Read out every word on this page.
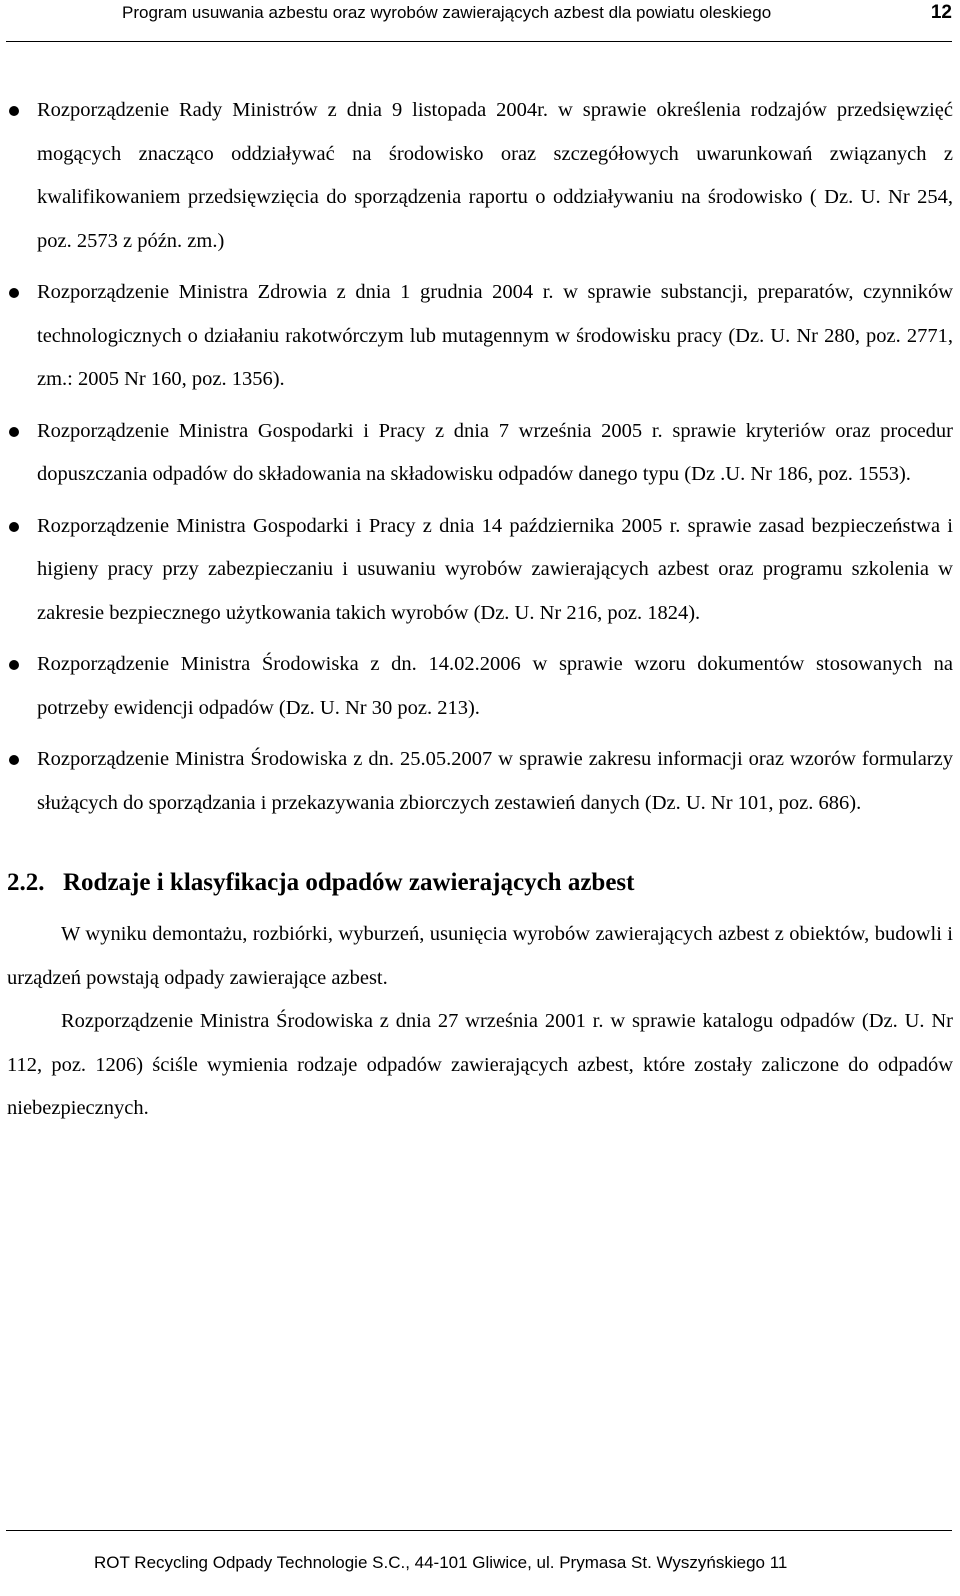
Program usuwania azbestu oraz wyrobów zawierających azbest dla powiatu oleskiego	12
Rozporządzenie Rady Ministrów z dnia 9 listopada 2004r. w sprawie określenia rodzajów przedsięwzięć mogących znacząco oddziaływać na środowisko oraz szczegółowych uwarunkowań związanych z kwalifikowaniem przedsięwzięcia do sporządzenia raportu o oddziaływaniu na środowisko ( Dz. U. Nr 254, poz. 2573 z późn. zm.)
Rozporządzenie Ministra Zdrowia z dnia 1 grudnia 2004 r. w sprawie substancji, preparatów, czynników technologicznych o działaniu rakotwórczym lub mutagennym w środowisku pracy (Dz. U. Nr 280, poz. 2771, zm.: 2005 Nr 160, poz. 1356).
Rozporządzenie Ministra Gospodarki i Pracy z dnia 7 września 2005 r. sprawie kryteriów oraz procedur dopuszczania odpadów do składowania na składowisku odpadów danego typu (Dz .U. Nr 186, poz. 1553).
Rozporządzenie Ministra Gospodarki i Pracy z dnia 14 października 2005 r. sprawie zasad bezpieczeństwa i higieny pracy przy zabezpieczaniu i usuwaniu wyrobów zawierających azbest oraz programu szkolenia w zakresie bezpiecznego użytkowania takich wyrobów (Dz. U. Nr 216, poz. 1824).
Rozporządzenie Ministra Środowiska z dn. 14.02.2006 w sprawie wzoru dokumentów stosowanych na potrzeby ewidencji odpadów (Dz. U. Nr 30 poz. 213).
Rozporządzenie Ministra Środowiska z dn. 25.05.2007 w sprawie zakresu informacji oraz wzorów formularzy służących do sporządzania i przekazywania zbiorczych zestawień danych (Dz. U. Nr 101, poz. 686).
2.2. Rodzaje i klasyfikacja odpadów zawierających azbest

W wyniku demontażu, rozbiórki, wyburzeń, usunięcia wyrobów zawierających azbest z obiektów, budowli i urządzeń powstają odpady zawierające azbest.

Rozporządzenie Ministra Środowiska z dnia 27 września 2001 r. w sprawie katalogu odpadów (Dz. U. Nr 112, poz. 1206) ściśle wymienia rodzaje odpadów zawierających azbest, które zostały zaliczone do odpadów niebezpiecznych.

ROT Recycling Odpady Technologie S.C., 44-101 Gliwice, ul. Prymasa St. Wyszyńskiego 11
